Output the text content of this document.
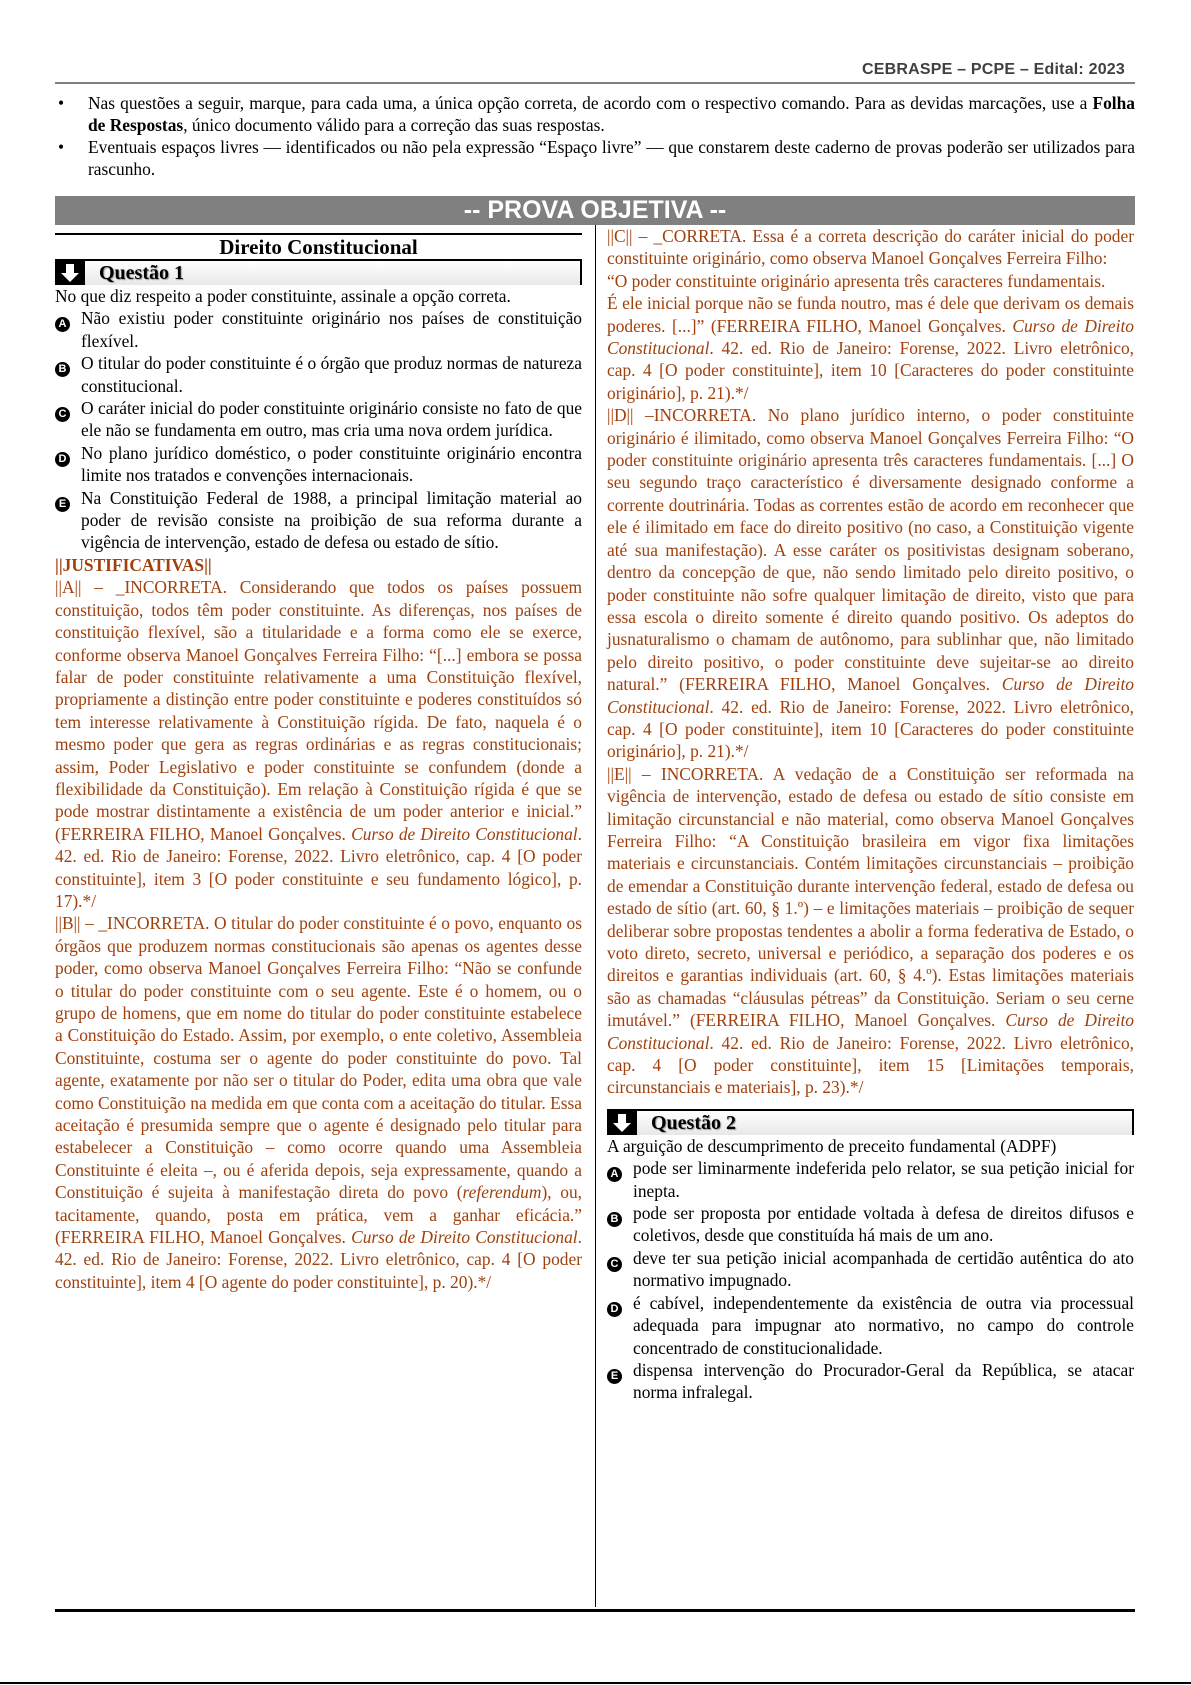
CEBRASPE – PCPE – Edital: 2023
•	Nas questões a seguir, marque, para cada uma, a única opção correta, de acordo com o respectivo comando. Para as devidas marcações, use a Folha de Respostas, único documento válido para a correção das suas respostas.
•	Eventuais espaços livres — identificados ou não pela expressão “Espaço livre” — que constarem deste caderno de provas poderão ser utilizados para rascunho.
-- PROVA OBJETIVA --
Direito Constitucional
Questão 1
No que diz respeito a poder constituinte, assinale a opção correta.
A Não existiu poder constituinte originário nos países de constituição flexível.
B O titular do poder constituinte é o órgão que produz normas de natureza constitucional.
C O caráter inicial do poder constituinte originário consiste no fato de que ele não se fundamenta em outro, mas cria uma nova ordem jurídica.
D No plano jurídico doméstico, o poder constituinte originário encontra limite nos tratados e convenções internacionais.
E Na Constituição Federal de 1988, a principal limitação material ao poder de revisão consiste na proibição de sua reforma durante a vigência de intervenção, estado de defesa ou estado de sítio.
||JUSTIFICATIVAS||
||A|| – _INCORRETA. Considerando que todos os países possuem constituição, todos têm poder constituinte. As diferenças, nos países de constituição flexível, são a titularidade e a forma como ele se exerce, conforme observa Manoel Gonçalves Ferreira Filho: “[...] embora se possa falar de poder constituinte relativamente a uma Constituição flexível, propriamente a distinção entre poder constituinte e poderes constituídos só tem interesse relativamente à Constituição rígida. De fato, naquela é o mesmo poder que gera as regras ordinárias e as regras constitucionais; assim, Poder Legislativo e poder constituinte se confundem (donde a flexibilidade da Constituição). Em relação à Constituição rígida é que se pode mostrar distintamente a existência de um poder anterior e inicial.” (FERREIRA FILHO, Manoel Gonçalves. Curso de Direito Constitucional. 42. ed. Rio de Janeiro: Forense, 2022. Livro eletrônico, cap. 4 [O poder constituinte], item 3 [O poder constituinte e seu fundamento lógico], p. 17).*/
||B|| – _INCORRETA. O titular do poder constituinte é o povo, enquanto os órgãos que produzem normas constitucionais são apenas os agentes desse poder, como observa Manoel Gonçalves Ferreira Filho: “Não se confunde o titular do poder constituinte com o seu agente. Este é o homem, ou o grupo de homens, que em nome do titular do poder constituinte estabelece a Constituição do Estado. Assim, por exemplo, o ente coletivo, Assembleia Constituinte, costuma ser o agente do poder constituinte do povo. Tal agente, exatamente por não ser o titular do Poder, edita uma obra que vale como Constituição na medida em que conta com a aceitação do titular. Essa aceitação é presumida sempre que o agente é designado pelo titular para estabelecer a Constituição – como ocorre quando uma Assembleia Constituinte é eleita –, ou é aferida depois, seja expressamente, quando a Constituição é sujeita à manifestação direta do povo (referendum), ou, tacitamente, quando, posta em prática, vem a ganhar eficácia.” (FERREIRA FILHO, Manoel Gonçalves. Curso de Direito Constitucional. 42. ed. Rio de Janeiro: Forense, 2022. Livro eletrônico, cap. 4 [O poder constituinte], item 4 [O agente do poder constituinte], p. 20).*/
||C|| – _CORRETA. Essa é a correta descrição do caráter inicial do poder constituinte originário, como observa Manoel Gonçalves Ferreira Filho:
“O poder constituinte originário apresenta três caracteres fundamentais.
É ele inicial porque não se funda noutro, mas é dele que derivam os demais poderes. [...]” (FERREIRA FILHO, Manoel Gonçalves. Curso de Direito Constitucional. 42. ed. Rio de Janeiro: Forense, 2022. Livro eletrônico, cap. 4 [O poder constituinte], item 10 [Caracteres do poder constituinte originário], p. 21).*/
||D|| –INCORRETA. No plano jurídico interno, o poder constituinte originário é ilimitado, como observa Manoel Gonçalves Ferreira Filho: “O poder constituinte originário apresenta três caracteres fundamentais. [...] O seu segundo traço característico é diversamente designado conforme a corrente doutrinária. Todas as correntes estão de acordo em reconhecer que ele é ilimitado em face do direito positivo (no caso, a Constituição vigente até sua manifestação). A esse caráter os positivistas designam soberano, dentro da concepção de que, não sendo limitado pelo direito positivo, o poder constituinte não sofre qualquer limitação de direito, visto que para essa escola o direito somente é direito quando positivo. Os adeptos do jusnaturalismo o chamam de autônomo, para sublinhar que, não limitado pelo direito positivo, o poder constituinte deve sujeitar-se ao direito natural.” (FERREIRA FILHO, Manoel Gonçalves. Curso de Direito Constitucional. 42. ed. Rio de Janeiro: Forense, 2022. Livro eletrônico, cap. 4 [O poder constituinte], item 10 [Caracteres do poder constituinte originário], p. 21).*/
||E|| – INCORRETA. A vedação de a Constituição ser reformada na vigência de intervenção, estado de defesa ou estado de sítio consiste em limitação circunstancial e não material, como observa Manoel Gonçalves Ferreira Filho: “A Constituição brasileira em vigor fixa limitações materiais e circunstanciais. Contém limitações circunstanciais – proibição de emendar a Constituição durante intervenção federal, estado de defesa ou estado de sítio (art. 60, § 1.º) – e limitações materiais – proibição de sequer deliberar sobre propostas tendentes a abolir a forma federativa de Estado, o voto direto, secreto, universal e periódico, a separação dos poderes e os direitos e garantias individuais (art. 60, § 4.º). Estas limitações materiais são as chamadas “cláusulas pétreas” da Constituição. Seriam o seu cerne imutável.” (FERREIRA FILHO, Manoel Gonçalves. Curso de Direito Constitucional. 42. ed. Rio de Janeiro: Forense, 2022. Livro eletrônico, cap. 4 [O poder constituinte], item 15 [Limitações temporais, circunstanciais e materiais], p. 23).*/
Questão 2
A arguição de descumprimento de preceito fundamental (ADPF)
A pode ser liminarmente indeferida pelo relator, se sua petição inicial for inepta.
B pode ser proposta por entidade voltada à defesa de direitos difusos e coletivos, desde que constituída há mais de um ano.
C deve ter sua petição inicial acompanhada de certidão autêntica do ato normativo impugnado.
D é cabível, independentemente da existência de outra via processual adequada para impugnar ato normativo, no campo do controle concentrado de constitucionalidade.
E dispensa intervenção do Procurador-Geral da República, se atacar norma infralegal.
